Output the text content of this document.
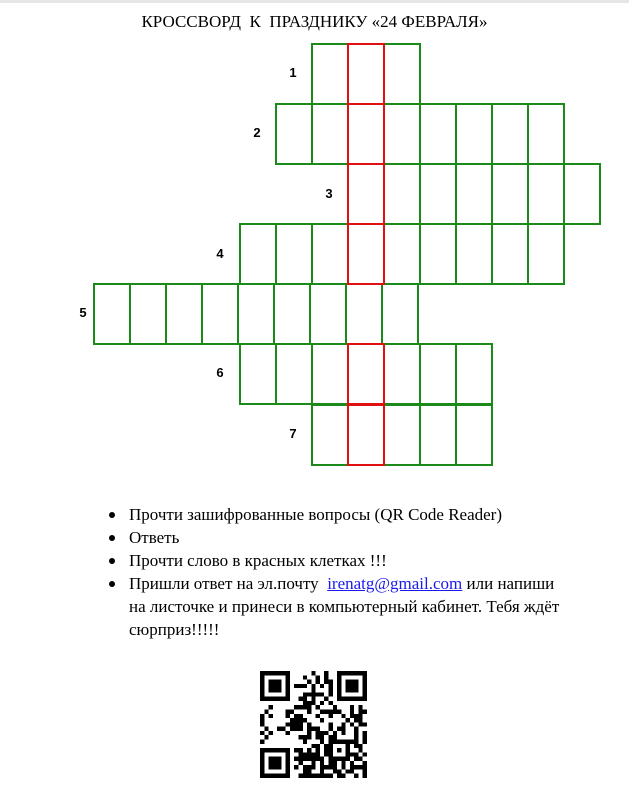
КРОССВОРД  К  ПРАЗДНИКУ «24 ФЕВРАЛЯ»
1
2
3
4
5
6
7
Прочти зашифрованные вопросы (QR Code Reader)
Ответь
Прочти слово в красных клетках !!!
Пришли ответ на эл.почту  irenatg@gmail.com или напиши на листочке и принеси в компьютерный кабинет. Тебя ждёт сюрприз!!!!!
